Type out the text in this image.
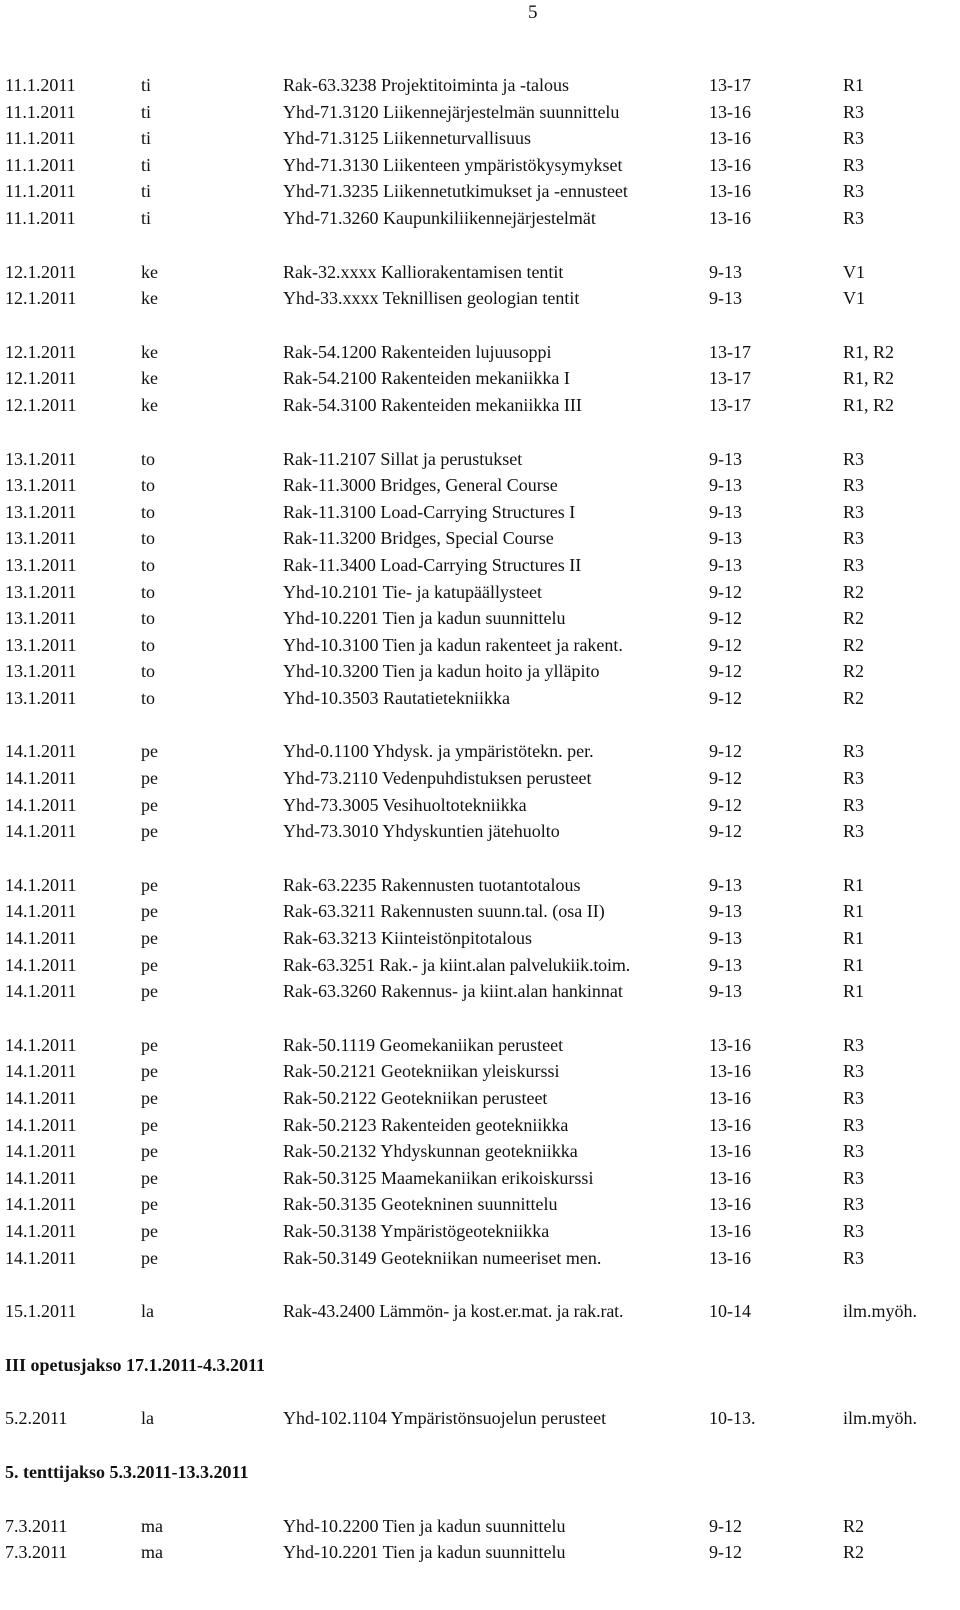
5
11.1.2011	ti	Rak-63.3238 Projektitoiminta ja -talous	13-17	R1
11.1.2011	ti	Yhd-71.3120 Liikennejärjestelmän suunnittelu	13-16	R3
11.1.2011	ti	Yhd-71.3125 Liikenneturvallisuus	13-16	R3
11.1.2011	ti	Yhd-71.3130 Liikenteen ympäristökysymykset	13-16	R3
11.1.2011	ti	Yhd-71.3235 Liikennetutkimukset ja -ennusteet	13-16	R3
11.1.2011	ti	Yhd-71.3260 Kaupunkiliikennejärjestelmät	13-16	R3
12.1.2011	ke	Rak-32.xxxx Kalliorakentamisen tentit	9-13	V1
12.1.2011	ke	Yhd-33.xxxx Teknillisen geologian tentit	9-13	V1
12.1.2011	ke	Rak-54.1200 Rakenteiden lujuusoppi	13-17	R1, R2
12.1.2011	ke	Rak-54.2100 Rakenteiden mekaniikka I	13-17	R1, R2
12.1.2011	ke	Rak-54.3100 Rakenteiden mekaniikka III	13-17	R1, R2
13.1.2011	to	Rak-11.2107 Sillat ja perustukset	9-13	R3
13.1.2011	to	Rak-11.3000 Bridges, General Course	9-13	R3
13.1.2011	to	Rak-11.3100 Load-Carrying Structures I	9-13	R3
13.1.2011	to	Rak-11.3200 Bridges, Special Course	9-13	R3
13.1.2011	to	Rak-11.3400 Load-Carrying Structures II	9-13	R3
13.1.2011	to	Yhd-10.2101 Tie- ja katupäällysteet	9-12	R2
13.1.2011	to	Yhd-10.2201 Tien ja kadun suunnittelu	9-12	R2
13.1.2011	to	Yhd-10.3100 Tien ja kadun rakenteet ja rakent.	9-12	R2
13.1.2011	to	Yhd-10.3200 Tien ja kadun hoito ja ylläpito	9-12	R2
13.1.2011	to	Yhd-10.3503 Rautatietekniikka	9-12	R2
14.1.2011	pe	Yhd-0.1100 Yhdysk. ja ympäristötekn. per.	9-12	R3
14.1.2011	pe	Yhd-73.2110 Vedenpuhdistuksen perusteet	9-12	R3
14.1.2011	pe	Yhd-73.3005 Vesihuoltotekniikka	9-12	R3
14.1.2011	pe	Yhd-73.3010 Yhdyskuntien jätehuolto	9-12	R3
14.1.2011	pe	Rak-63.2235 Rakennusten tuotantotalous	9-13	R1
14.1.2011	pe	Rak-63.3211 Rakennusten suunn.tal. (osa II)	9-13	R1
14.1.2011	pe	Rak-63.3213 Kiinteistönpitotalous	9-13	R1
14.1.2011	pe	Rak-63.3251 Rak.- ja kiint.alan palvelukiik.toim.	9-13	R1
14.1.2011	pe	Rak-63.3260 Rakennus- ja kiint.alan hankinnat	9-13	R1
14.1.2011	pe	Rak-50.1119 Geomekaniikan perusteet	13-16	R3
14.1.2011	pe	Rak-50.2121 Geotekniikan yleiskurssi	13-16	R3
14.1.2011	pe	Rak-50.2122 Geotekniikan perusteet	13-16	R3
14.1.2011	pe	Rak-50.2123 Rakenteiden geotekniikka	13-16	R3
14.1.2011	pe	Rak-50.2132 Yhdyskunnan geotekniikka	13-16	R3
14.1.2011	pe	Rak-50.3125 Maamekaniikan erikoiskurssi	13-16	R3
14.1.2011	pe	Rak-50.3135 Geotekninen suunnittelu	13-16	R3
14.1.2011	pe	Rak-50.3138 Ympäristögeotekniikka	13-16	R3
14.1.2011	pe	Rak-50.3149 Geotekniikan numeeriset men.	13-16	R3
15.1.2011	la	Rak-43.2400 Lämmön- ja kost.er.mat. ja rak.rat.	10-14	ilm.myöh.
III opetusjakso 17.1.2011-4.3.2011
5.2.2011	la	Yhd-102.1104 Ympäristönsuojelun perusteet	10-13.	ilm.myöh.
5. tenttijakso 5.3.2011-13.3.2011
7.3.2011	ma	Yhd-10.2200 Tien ja kadun suunnittelu	9-12	R2
7.3.2011	ma	Yhd-10.2201 Tien ja kadun suunnittelu	9-12	R2
